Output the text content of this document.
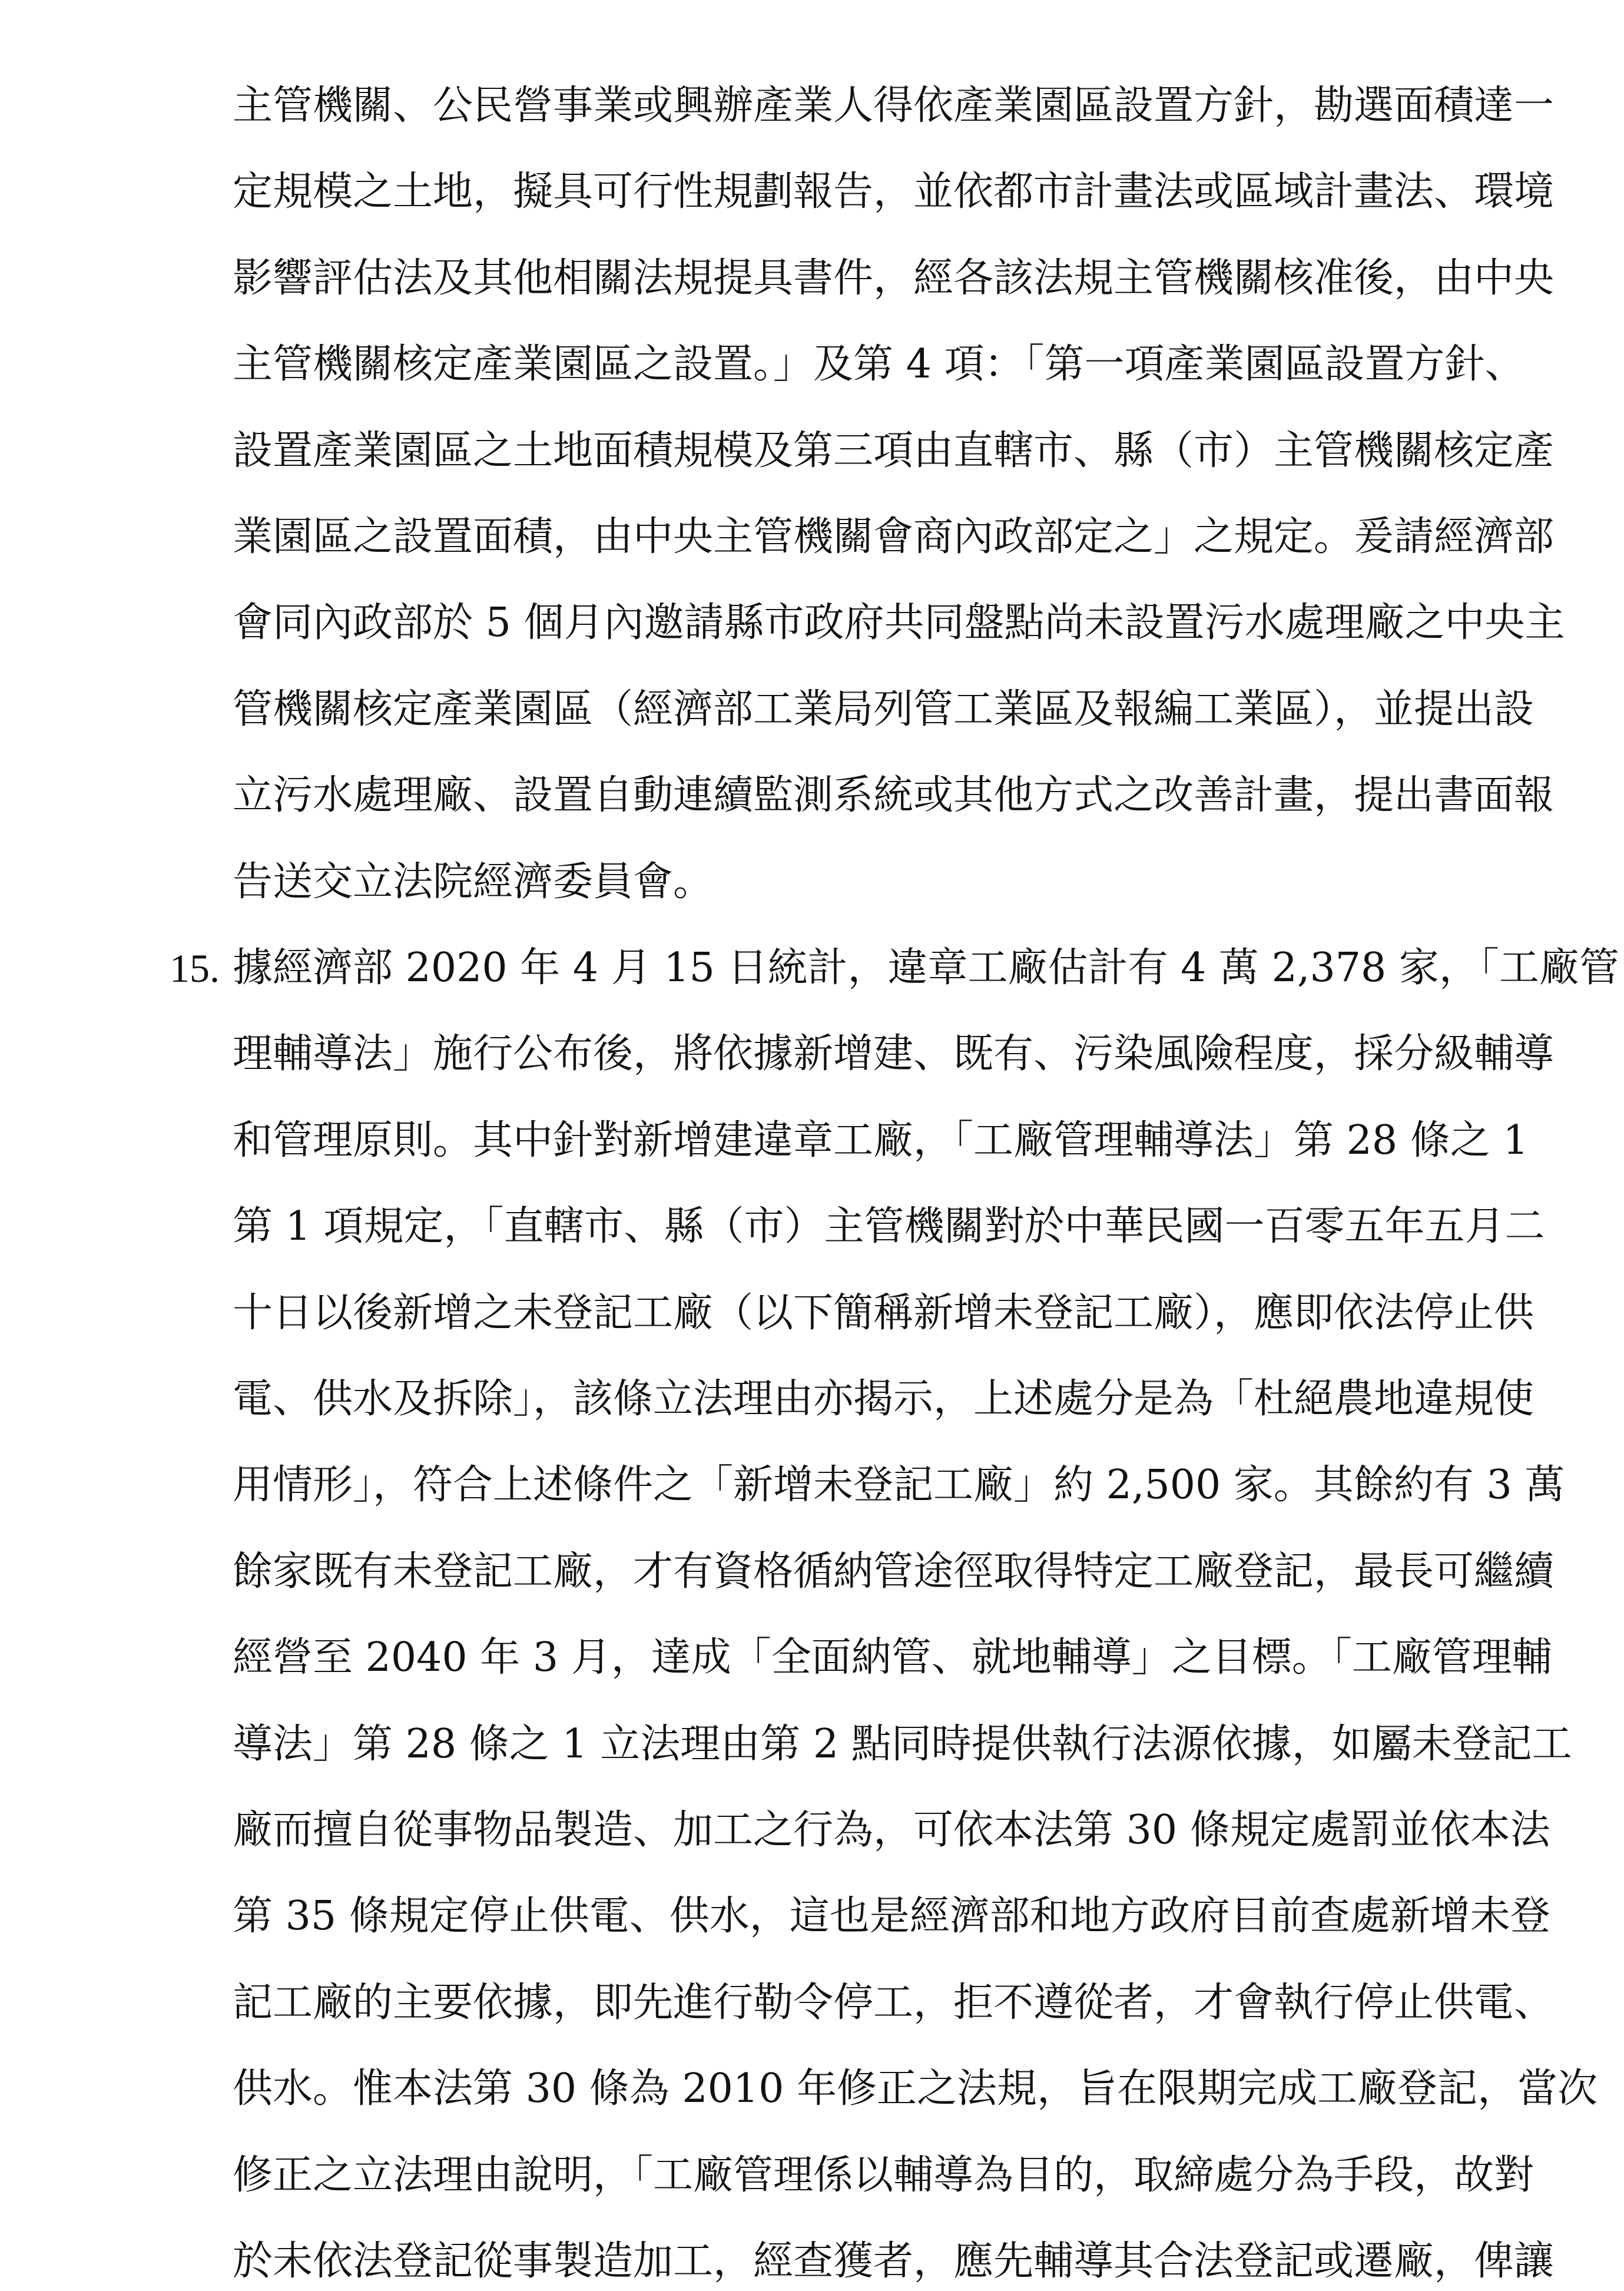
主管機關、公民營事業或興辦產業人得依產業園區設置方針，勘選面積達一
定規模之土地，擬具可行性規劃報告，並依都市計畫法或區域計畫法、環境
影響評估法及其他相關法規提具書件，經各該法規主管機關核准後，由中央
主管機關核定產業園區之設置。」及第 4 項：「第一項產業園區設置方針、
設置產業園區之土地面積規模及第三項由直轄市、縣（市）主管機關核定產
業園區之設置面積，由中央主管機關會商內政部定之」之規定。爰請經濟部
會同內政部於 5 個月內邀請縣市政府共同盤點尚未設置污水處理廠之中央主
管機關核定產業園區（經濟部工業局列管工業區及報編工業區），並提出設
立污水處理廠、設置自動連續監測系統或其他方式之改善計畫，提出書面報
告送交立法院經濟委員會。
15. 據經濟部 2020 年 4 月 15 日統計，違章工廠估計有 4 萬 2,378 家，「工廠管
理輔導法」施行公布後，將依據新增建、既有、污染風險程度，採分級輔導
和管理原則。其中針對新增建違章工廠，「工廠管理輔導法」第 28 條之 1
第 1 項規定，「直轄市、縣（市）主管機關對於中華民國一百零五年五月二
十日以後新增之未登記工廠（以下簡稱新增未登記工廠），應即依法停止供
電、供水及拆除」，該條立法理由亦揭示，上述處分是為「杜絕農地違規使
用情形」，符合上述條件之「新增未登記工廠」約 2,500 家。其餘約有 3 萬
餘家既有未登記工廠，才有資格循納管途徑取得特定工廠登記，最長可繼續
經營至 2040 年 3 月，達成「全面納管、就地輔導」之目標。「工廠管理輔
導法」第 28 條之 1 立法理由第 2 點同時提供執行法源依據，如屬未登記工
廠而擅自從事物品製造、加工之行為，可依本法第 30 條規定處罰並依本法
第 35 條規定停止供電、供水，這也是經濟部和地方政府目前查處新增未登
記工廠的主要依據，即先進行勒令停工，拒不遵從者，才會執行停止供電、
供水。惟本法第 30 條為 2010 年修正之法規，旨在限期完成工廠登記，當次
修正之立法理由說明，「工廠管理係以輔導為目的，取締處分為手段，故對
於未依法登記從事製造加工，經查獲者，應先輔導其合法登記或遷廠，俾讓
